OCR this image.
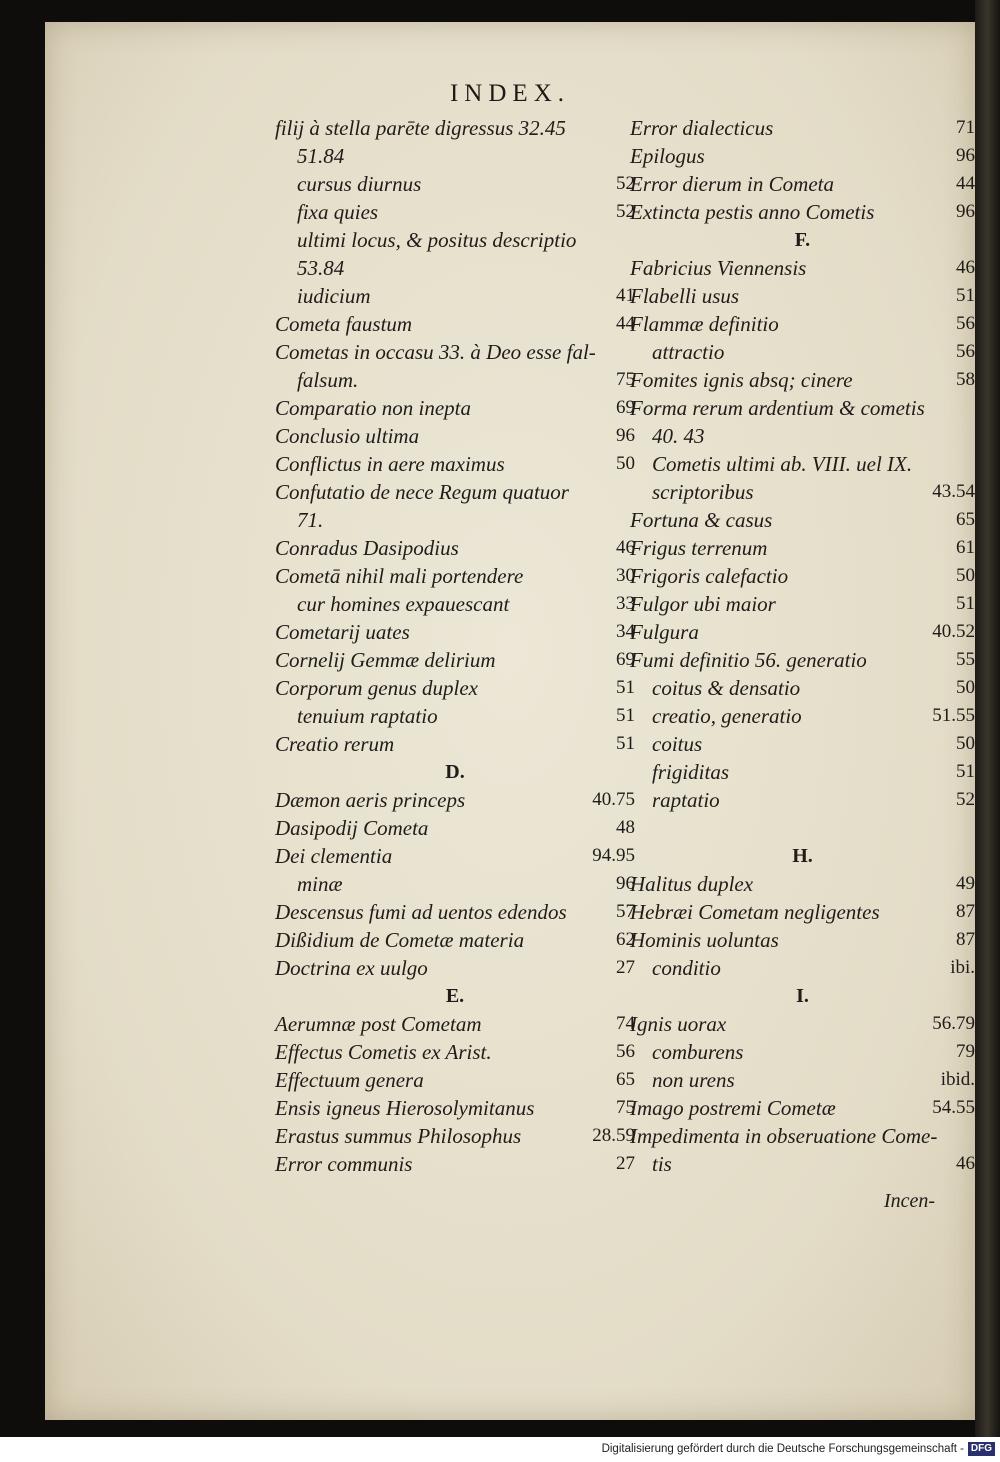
INDEX.
filij à stella parēte digressus 32.45
51.84
cursus diurnus	52
fixa quies	52
ultimi locus, & positus descriptio
53.84
iudicium	41
Cometa faustum	44
Cometas in occasu 33. à Deo esse fal-
falsum.	75
Comparatio non inepta	69
Conclusio ultima	96
Conflictus in aere maximus	50
Confutatio de nece Regum quatuor
71.
Conradus Dasipodius	46
Cometā nihil mali portendere	30
cur homines expauescant	33
Cometarij uates	34
Cornelij Gemmæ delirium	69
Corporum genus duplex	51
tenuium raptatio	51
Creatio rerum	51
D.
Dæmon aeris princeps	40.75
Dasipodij Cometa	48
Dei clementia	94.95
minæ	96
Descensus fumi ad uentos edendos	57
Dißidium de Cometæ materia	62
Doctrina ex uulgo	27
E.
Aerumnæ post Cometam	74
Effectus Cometis ex Arist.	56
Effectuum genera	65
Ensis igneus Hierosolymitanus	75
Erastus summus Philosophus	28.59
Error communis	27
Error dialecticus	71
Epilogus	96
Error dierum in Cometa	44
Extincta pestis anno Cometis	96
F.
Fabricius Viennensis	46
Flabelli usus	51
Flammæ definitio	56
attractio	56
Fomites ignis absq; cinere	58
Forma rerum ardentium & cometis
40. 43
Cometis ultimi ab. VIII. uel IX.
scriptoribus	43.54
Fortuna & casus	65
Frigus terrenum	61
Frigoris calefactio	50
Fulgor ubi maior	51
Fulgura	40.52
Fumi definitio 56. generatio	55
coitus & densatio	50
creatio, generatio	51.55
coitus	50
frigiditas	51
raptatio	52
H.
Halitus duplex	49
Hebræi Cometam negligentes	87
Hominis uoluntas	87
conditio	ibi.
I.
Ignis uorax	56.79
comburens	79
non urens	ibid.
Imago postremi Cometæ	54.55
Impedimenta in obseruatione Come-
tis	46
Incen-
Digitalisierung gefördert durch die Deutsche Forschungsgemeinschaft - DFG
